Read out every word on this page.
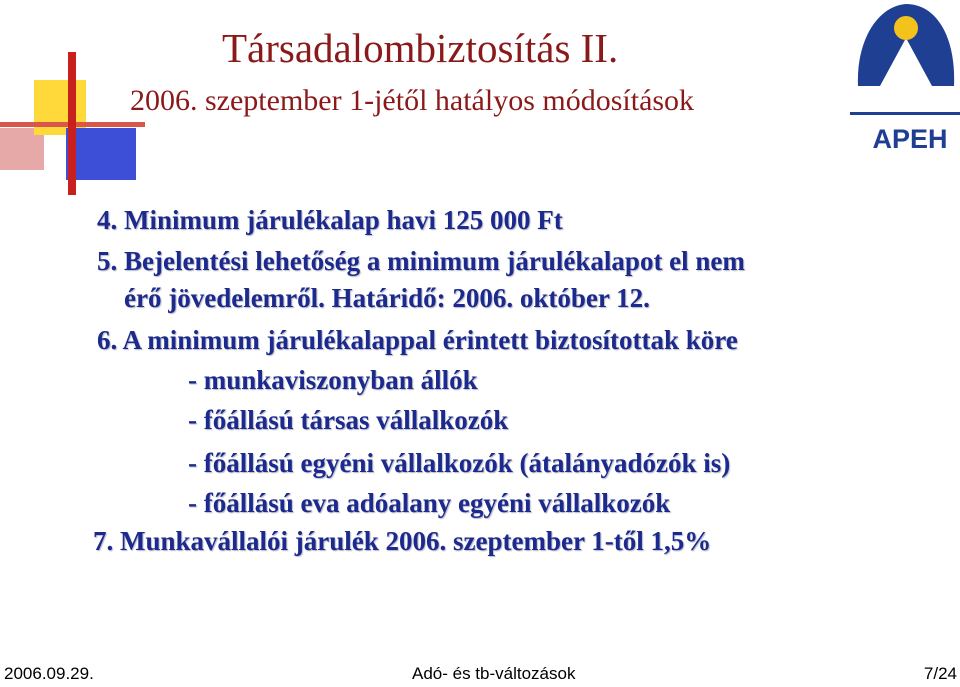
Társadalombiztosítás II.
2006. szeptember 1-jétől hatályos módosítások
APEH

4. Minimum járulékalap havi 125 000 Ft

5. Bejelentési lehetőség a minimum járulékalapot el nem

érő jövedelemről. Határidő: 2006. október 12.

6. A minimum járulékalappal érintett biztosítottak köre

- munkaviszonyban állók

- főállású társas vállalkozók

- főállású egyéni vállalkozók (átalányadózók is)

- főállású eva adóalany egyéni vállalkozók

7. Munkavállalói járulék 2006. szeptember 1-től 1,5%

2006.09.29.	Adó- és tb-változások	7/24
